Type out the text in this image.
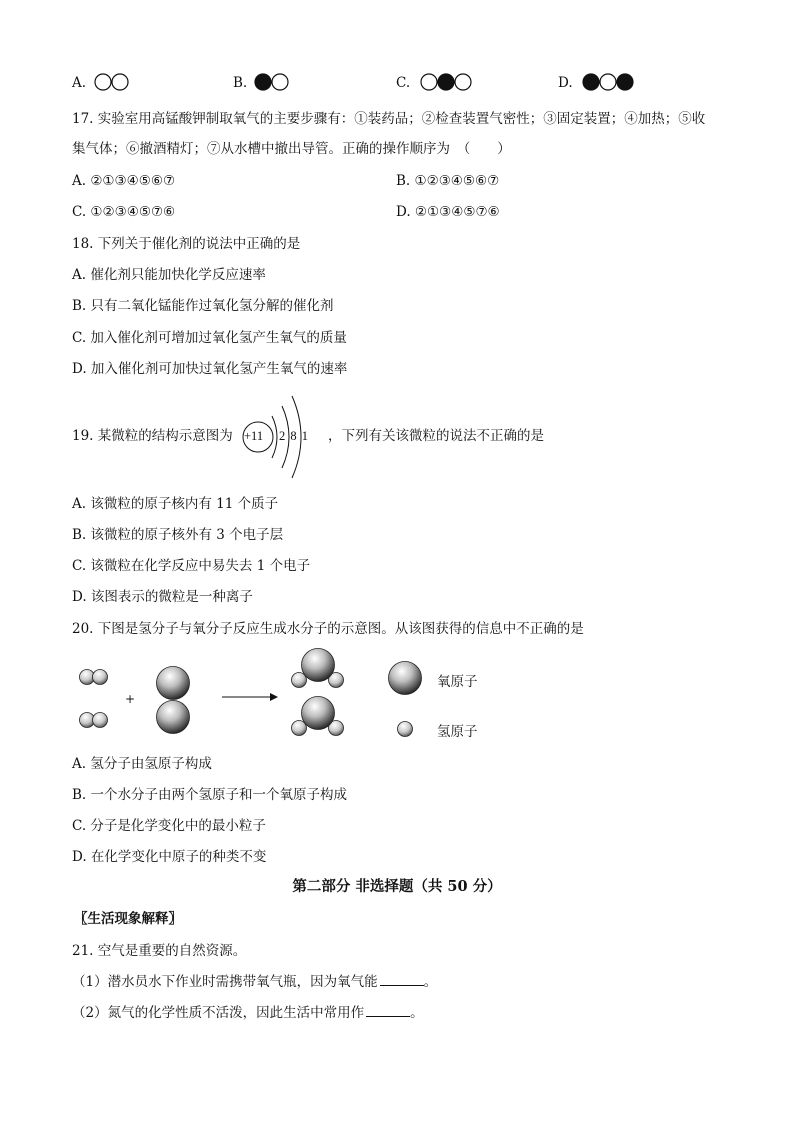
A.	B.	C.	D.
17. 实验室用高锰酸钾制取氧气的主要步骤有：①装药品；②检查装置气密性；③固定装置；④加热；⑤收
集气体；⑥撤酒精灯；⑦从水槽中撤出导管。正确的操作顺序为　（　　）
A. ②①③④⑤⑥⑦	B. ①②③④⑤⑥⑦
C. ①②③④⑤⑦⑥	D. ②①③④⑤⑦⑥
18. 下列关于催化剂的说法中正确的是
A. 催化剂只能加快化学反应速率
B. 只有二氧化锰能作过氧化氢分解的催化剂
C. 加入催化剂可增加过氧化氢产生氧气的质量
D. 加入催化剂可加快过氧化氢产生氧气的速率
19. 某微粒的结构示意图为 +11 2 8 1 ，下列有关该微粒的说法不正确的是
A. 该微粒的原子核内有 11 个质子
B. 该微粒的原子核外有 3 个电子层
C. 该微粒在化学反应中易失去 1 个电子
D. 该图表示的微粒是一种离子
20. 下图是氢分子与氧分子反应生成水分子的示意图。从该图获得的信息中不正确的是
+
氧原子
氢原子
A. 氢分子由氢原子构成
B. 一个水分子由两个氢原子和一个氧原子构成
C. 分子是化学变化中的最小粒子
D. 在化学变化中原子的种类不变
第二部分 非选择题（共 50 分）
〖生活现象解释〗
21. 空气是重要的自然资源。
（1）潜水员水下作业时需携带氧气瓶，因为氧气能	。
（2）氮气的化学性质不活泼，因此生活中常用作	。
